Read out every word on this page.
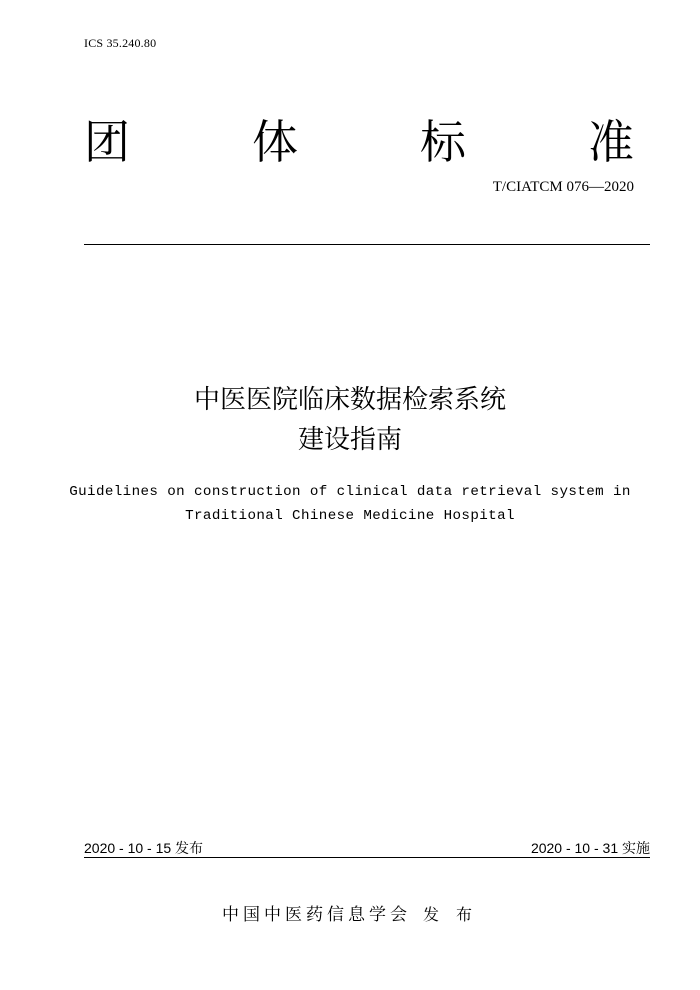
ICS 35.240.80
团	体	标	准
T/CIATCM 076—2020
中医医院临床数据检索系统
建设指南
Guidelines on construction of clinical data retrieval system in
Traditional Chinese Medicine Hospital
2020 - 10 - 15 发布	2020 - 10 - 31 实施
中国中医药信息学会 发 布
